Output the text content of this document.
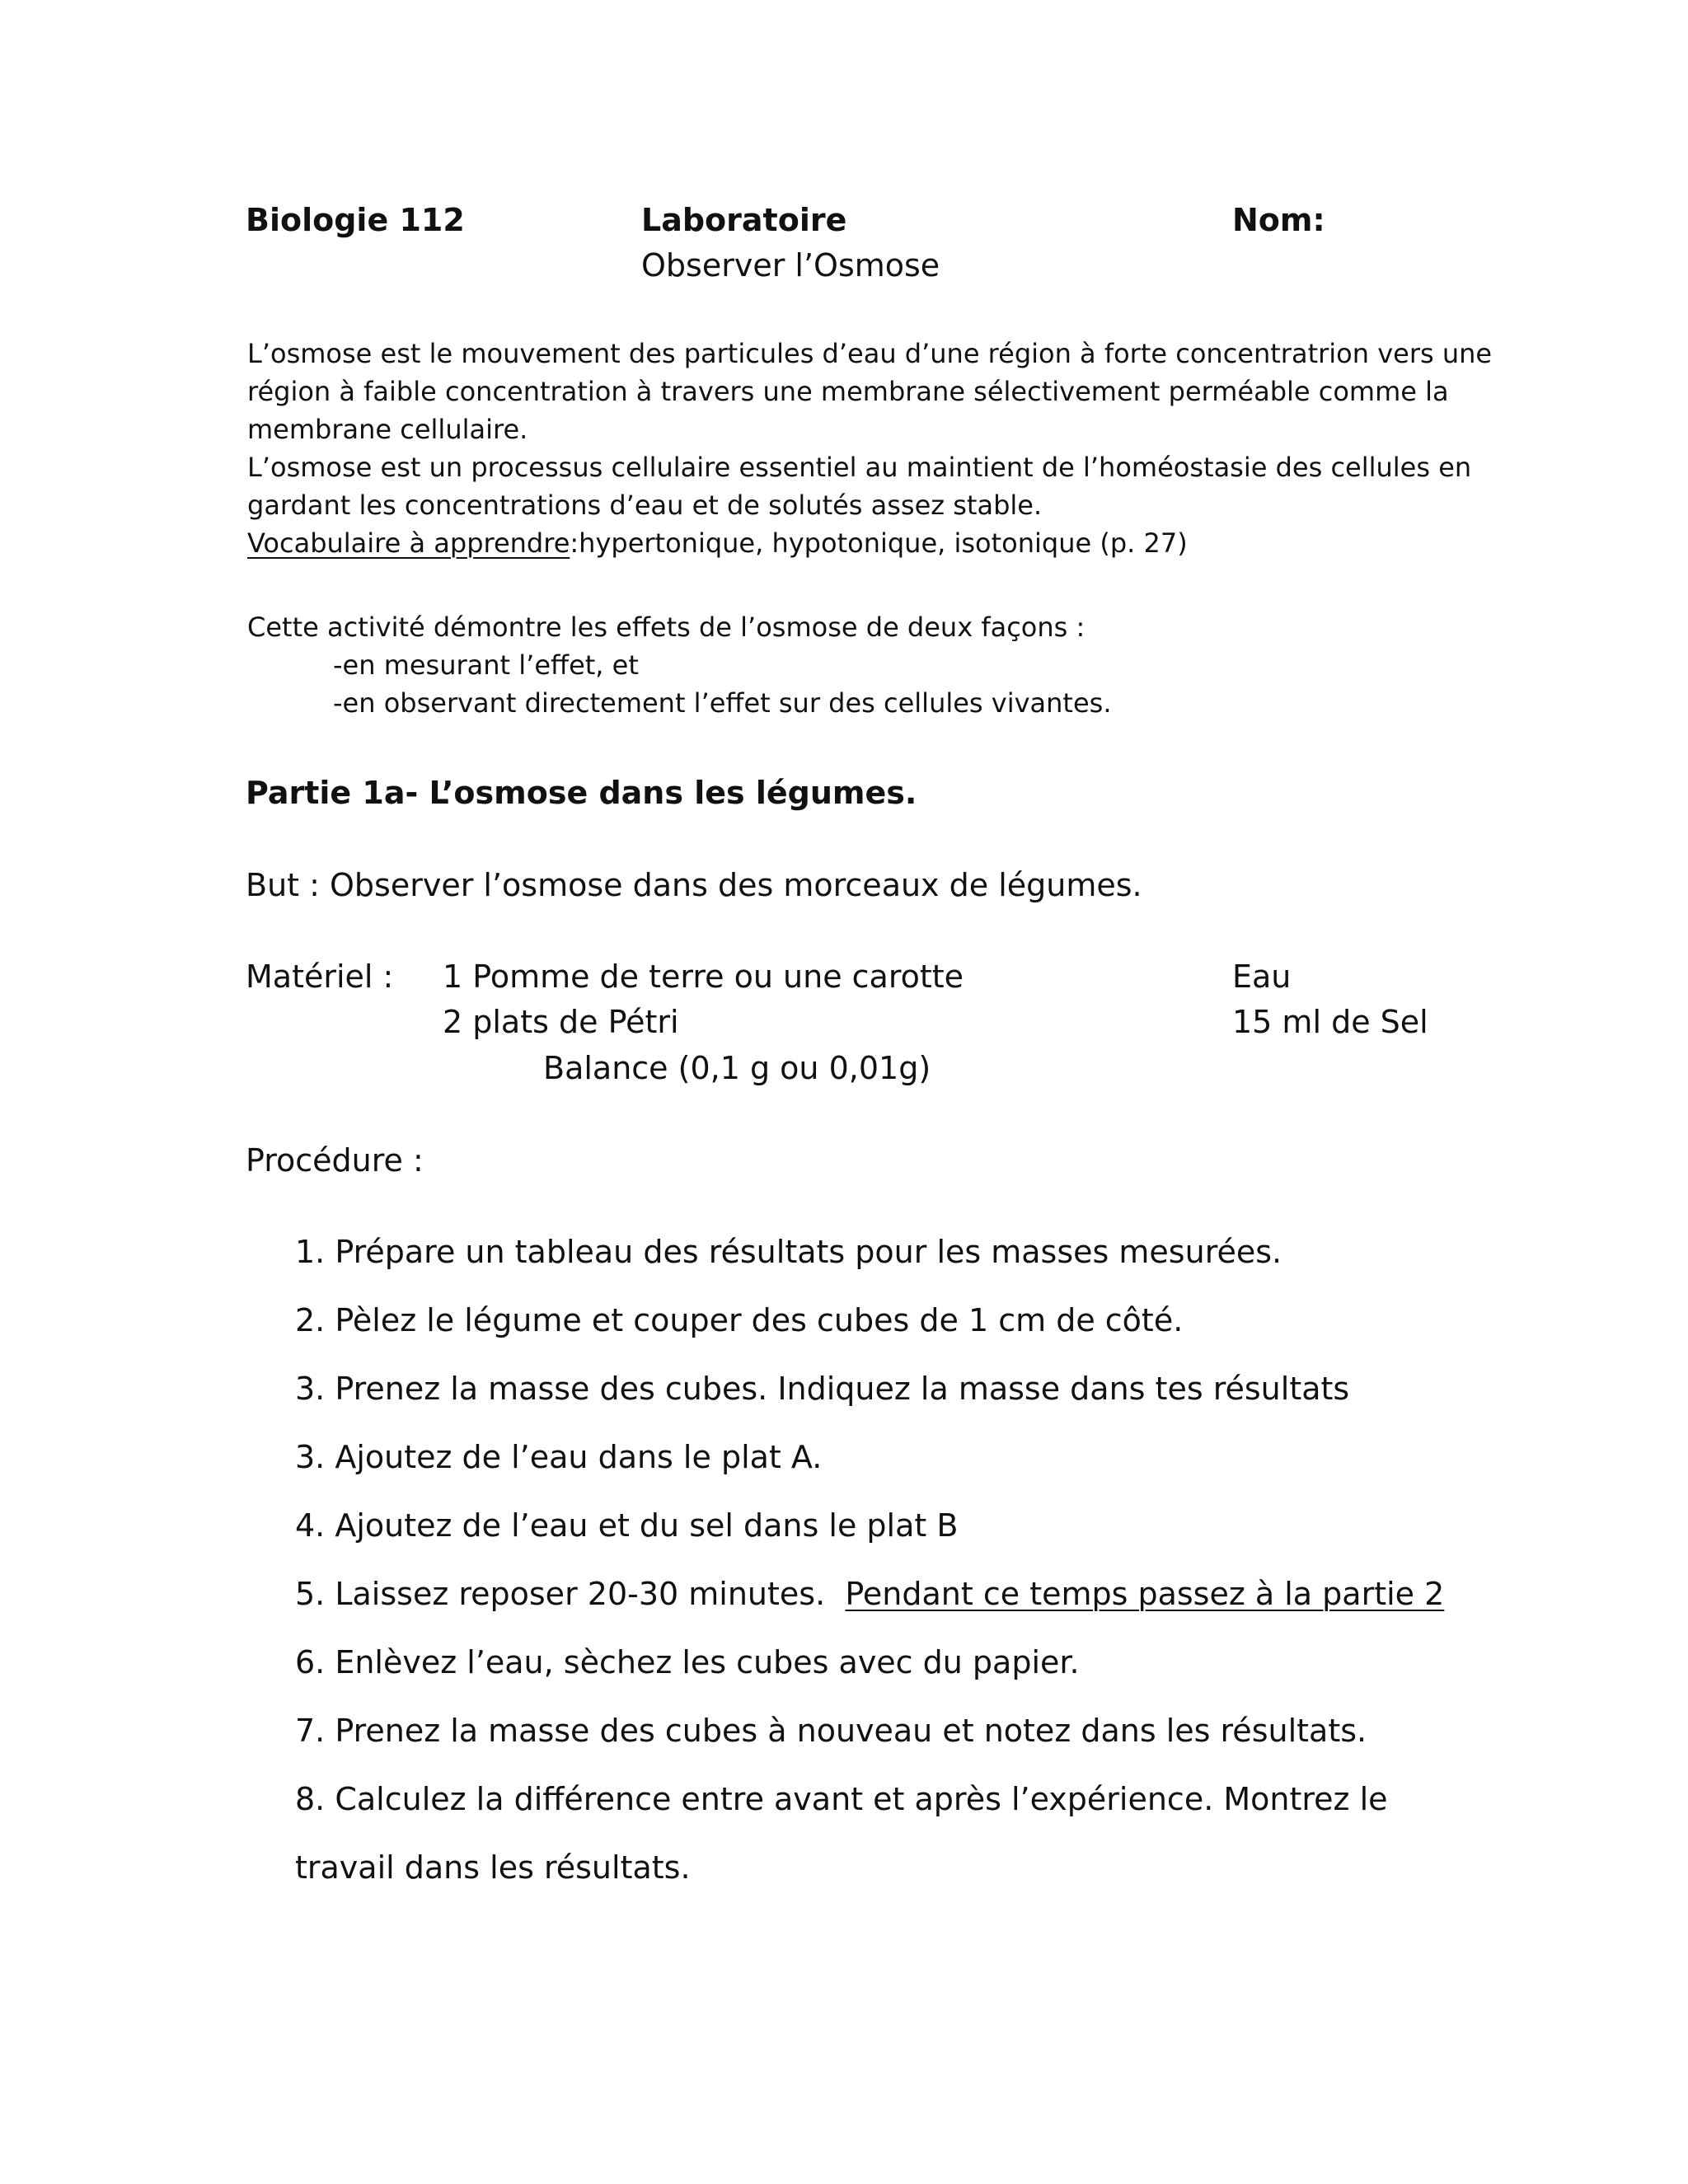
Biologie 112	Laboratoire	Nom:
Observer l’Osmose
L’osmose est le mouvement des particules d’eau d’une région à forte concentratrion vers une
région à faible concentration à travers une membrane sélectivement perméable comme la
membrane cellulaire.
L’osmose est un processus cellulaire essentiel au maintient de l’homéostasie des cellules en
gardant les concentrations d’eau et de solutés assez stable.
Vocabulaire à apprendre:hypertonique, hypotonique, isotonique (p. 27)
Cette activité démontre les effets de l’osmose de deux façons :
-en mesurant l’effet, et
-en observant directement l’effet sur des cellules vivantes.
Partie 1a- L’osmose dans les légumes.
But : Observer l’osmose dans des morceaux de légumes.
Matériel : 1 Pomme de terre ou une carotte
2 plats de Pétri
Balance (0,1 g ou 0,01g)
Eau
15 ml de Sel
Procédure :
1. Prépare un tableau des résultats pour les masses mesurées.
2. Pèlez le légume et couper des cubes de 1 cm de côté.
3. Prenez la masse des cubes. Indiquez la masse dans tes résultats
3. Ajoutez de l’eau dans le plat A.
4. Ajoutez de l’eau et du sel dans le plat B
5. Laissez reposer 20-30 minutes. Pendant ce temps passez à la partie 2
6. Enlèvez l’eau, sèchez les cubes avec du papier.
7. Prenez la masse des cubes à nouveau et notez dans les résultats.
8. Calculez la différence entre avant et après l’expérience. Montrez le
travail dans les résultats.
